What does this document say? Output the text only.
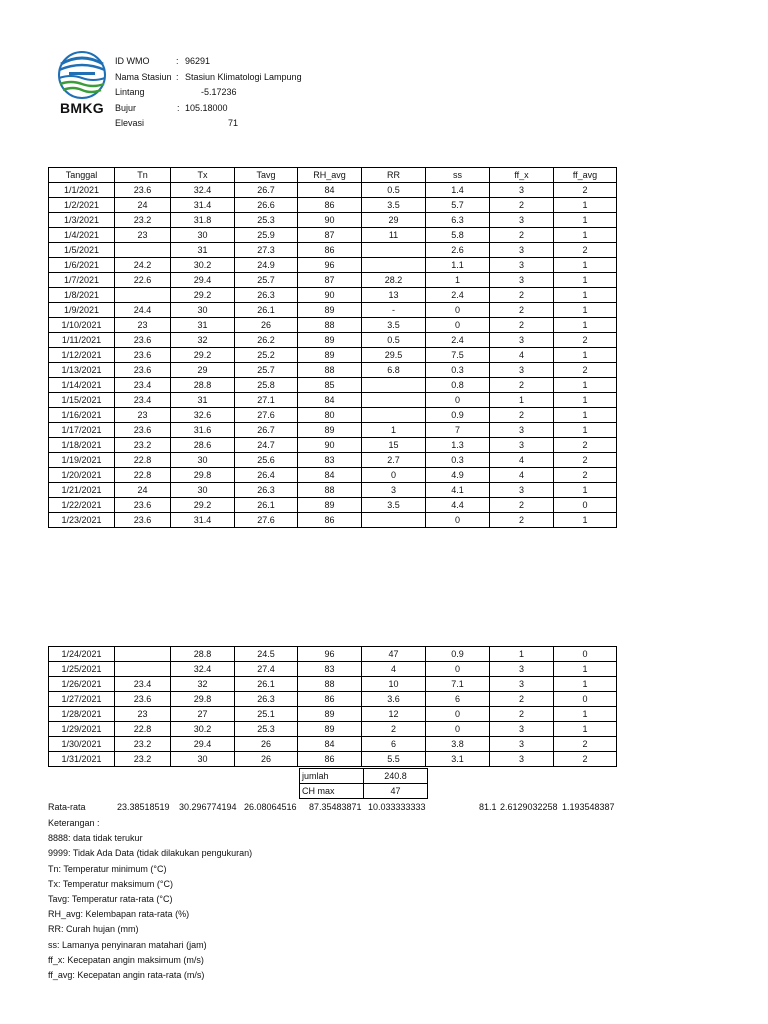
BMKG
ID WMO	: 96291
Nama Stasiun : Stasiun Klimatologi Lampung
Lintang	-5.17236
Bujur	: 105.18000
Elevasi	71
Tanggal	Tn	Tx	Tavg	RH_avg	RR	ss	ff_x	ff_avg
1/1/2021	23.6	32.4	26.7	84	0.5	1.4	3	2
1/2/2021	24	31.4	26.6	86	3.5	5.7	2	1
1/3/2021	23.2	31.8	25.3	90	29	6.3	3	1
1/4/2021	23	30	25.9	87	11	5.8	2	1
1/5/2021		31	27.3	86		2.6	3	2
1/6/2021	24.2	30.2	24.9	96		1.1	3	1
1/7/2021	22.6	29.4	25.7	87	28.2	1	3	1
1/8/2021		29.2	26.3	90	13	2.4	2	1
1/9/2021	24.4	30	26.1	89	-	0	2	1
1/10/2021	23	31	26	88	3.5	0	2	1
1/11/2021	23.6	32	26.2	89	0.5	2.4	3	2
1/12/2021	23.6	29.2	25.2	89	29.5	7.5	4	1
1/13/2021	23.6	29	25.7	88	6.8	0.3	3	2
1/14/2021	23.4	28.8	25.8	85		0.8	2	1
1/15/2021	23.4	31	27.1	84		0	1	1
1/16/2021	23	32.6	27.6	80		0.9	2	1
1/17/2021	23.6	31.6	26.7	89	1	7	3	1
1/18/2021	23.2	28.6	24.7	90	15	1.3	3	2
1/19/2021	22.8	30	25.6	83	2.7	0.3	4	2
1/20/2021	22.8	29.8	26.4	84	0	4.9	4	2
1/21/2021	24	30	26.3	88	3	4.1	3	1
1/22/2021	23.6	29.2	26.1	89	3.5	4.4	2	0
1/23/2021	23.6	31.4	27.6	86		0	2	1
1/24/2021		28.8	24.5	96	47	0.9	1	0
1/25/2021		32.4	27.4	83	4	0	3	1
1/26/2021	23.4	32	26.1	88	10	7.1	3	1
1/27/2021	23.6	29.8	26.3	86	3.6	6	2	0
1/28/2021	23	27	25.1	89	12	0	2	1
1/29/2021	22.8	30.2	25.3	89	2	0	3	1
1/30/2021	23.2	29.4	26	84	6	3.8	3	2
1/31/2021	23.2	30	26	86	5.5	3.1	3	2
jumlah	240.8
CH max	47
Rata-rata	23.38518519 30.296774194 26.08064516 87.35483871 10.033333333	81.1 2.6129032258 1.193548387
Keterangan :
8888: data tidak terukur
9999: Tidak Ada Data (tidak dilakukan pengukuran)
Tn: Temperatur minimum (°C)
Tx: Temperatur maksimum (°C)
Tavg: Temperatur rata-rata (°C)
RH_avg: Kelembapan rata-rata (%)
RR: Curah hujan (mm)
ss: Lamanya penyinaran matahari (jam)
ff_x: Kecepatan angin maksimum (m/s)
ff_avg: Kecepatan angin rata-rata (m/s)
